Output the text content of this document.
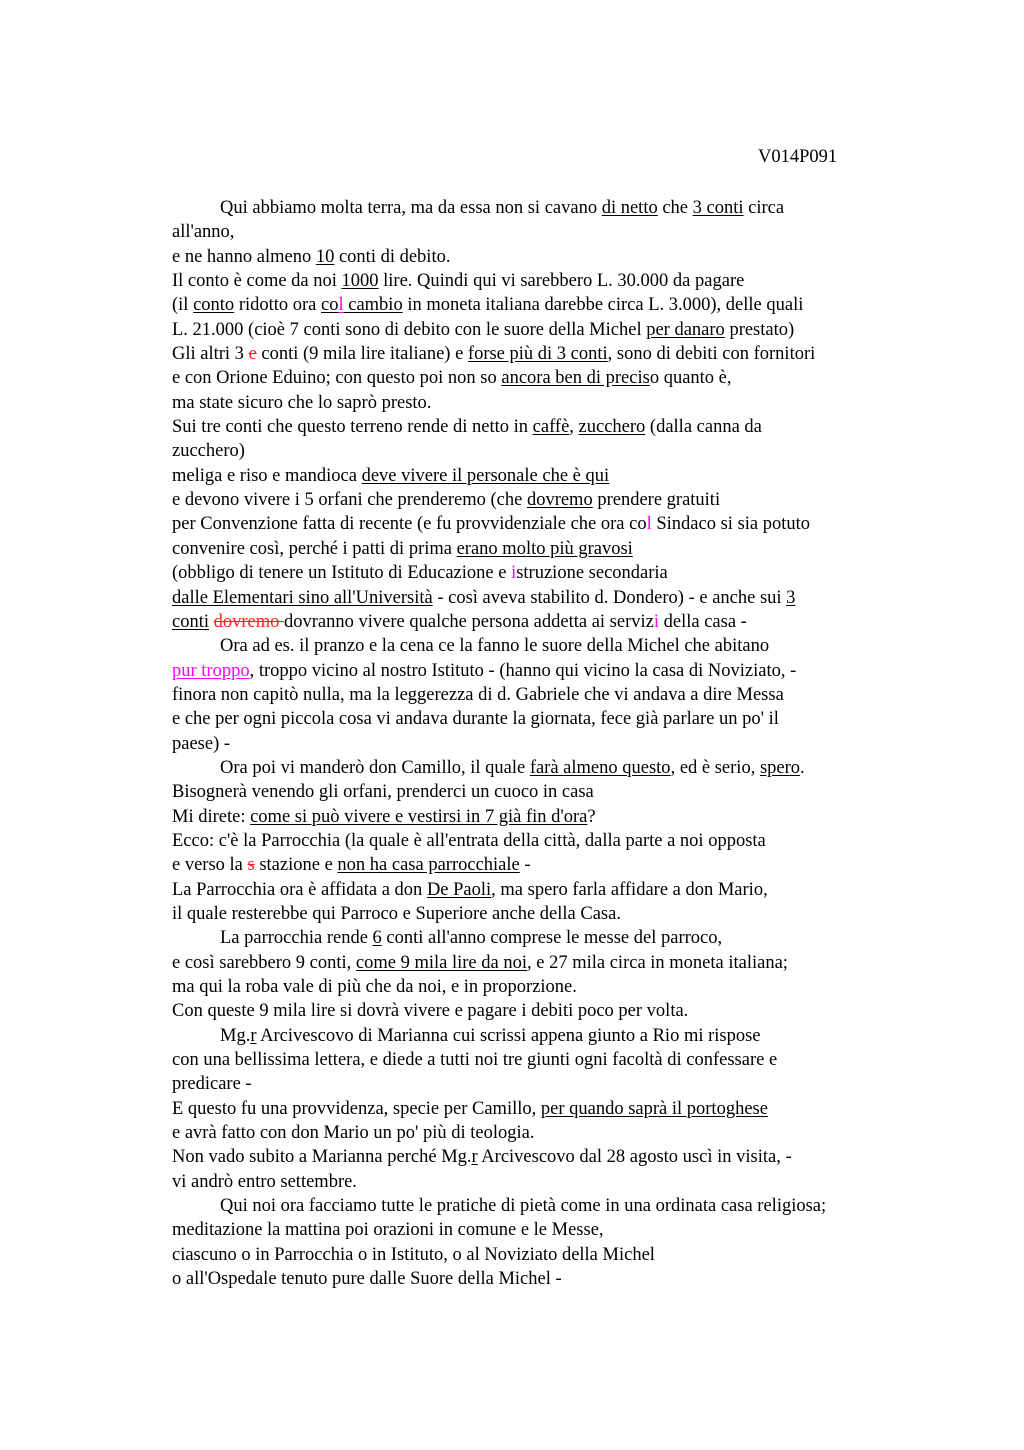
V014P091
Qui abbiamo molta terra, ma da essa non si cavano di netto che 3 conti circa
all'anno,
e ne hanno almeno 10 conti di debito.
Il conto è come da noi 1000 lire. Quindi qui vi sarebbero L. 30.000 da pagare
(il conto ridotto ora col cambio in moneta italiana darebbe circa L. 3.000), delle quali
L. 21.000 (cioè 7 conti sono di debito con le suore della Michel per danaro prestato)
Gli altri 3 e conti (9 mila lire italiane) e forse più di 3 conti, sono di debiti con fornitori
e con Orione Eduino; con questo poi non so ancora ben di preciso quanto è,
ma state sicuro che lo saprò presto.
Sui tre conti che questo terreno rende di netto in caffè, zucchero (dalla canna da
zucchero)
meliga e riso e mandioca deve vivere il personale che è qui
e devono vivere i 5 orfani che prenderemo (che dovremo prendere gratuiti
per Convenzione fatta di recente (e fu provvidenziale che ora col Sindaco si sia potuto
convenire così, perché i patti di prima erano molto più gravosi
(obbligo di tenere un Istituto di Educazione e istruzione secondaria
dalle Elementari sino all'Università - così aveva stabilito d. Dondero) - e anche sui 3
conti dovremo dovranno vivere qualche persona addetta ai servizi della casa -
Ora ad es. il pranzo e la cena ce la fanno le suore della Michel che abitano
pur troppo, troppo vicino al nostro Istituto - (hanno qui vicino la casa di Noviziato, -
finora non capitò nulla, ma la leggerezza di d. Gabriele che vi andava a dire Messa
e che per ogni piccola cosa vi andava durante la giornata, fece già parlare un po' il
paese) -
Ora poi vi manderò don Camillo, il quale farà almeno questo, ed è serio, spero.
Bisognerà venendo gli orfani, prenderci un cuoco in casa
Mi direte: come si può vivere e vestirsi in 7 già fin d'ora?
Ecco: c'è la Parrocchia (la quale è all'entrata della città, dalla parte a noi opposta
e verso la s stazione e non ha casa parrocchiale -
La Parrocchia ora è affidata a don De Paoli, ma spero farla affidare a don Mario,
il quale resterebbe qui Parroco e Superiore anche della Casa.
La parrocchia rende 6 conti all'anno comprese le messe del parroco,
e così sarebbero 9 conti, come 9 mila lire da noi, e 27 mila circa in moneta italiana;
ma qui la roba vale di più che da noi, e in proporzione.
Con queste 9 mila lire si dovrà vivere e pagare i debiti poco per volta.
Mg.r Arcivescovo di Marianna cui scrissi appena giunto a Rio mi rispose
con una bellissima lettera, e diede a tutti noi tre giunti ogni facoltà di confessare e
predicare -
E questo fu una provvidenza, specie per Camillo, per quando saprà il portoghese
e avrà fatto con don Mario un po' più di teologia.
Non vado subito a Marianna perché Mg.r Arcivescovo dal 28 agosto uscì in visita, -
vi andrò entro settembre.
Qui noi ora facciamo tutte le pratiche di pietà come in una ordinata casa religiosa;
meditazione la mattina poi orazioni in comune e le Messe,
ciascuno o in Parrocchia o in Istituto, o al Noviziato della Michel
o all'Ospedale tenuto pure dalle Suore della Michel -
